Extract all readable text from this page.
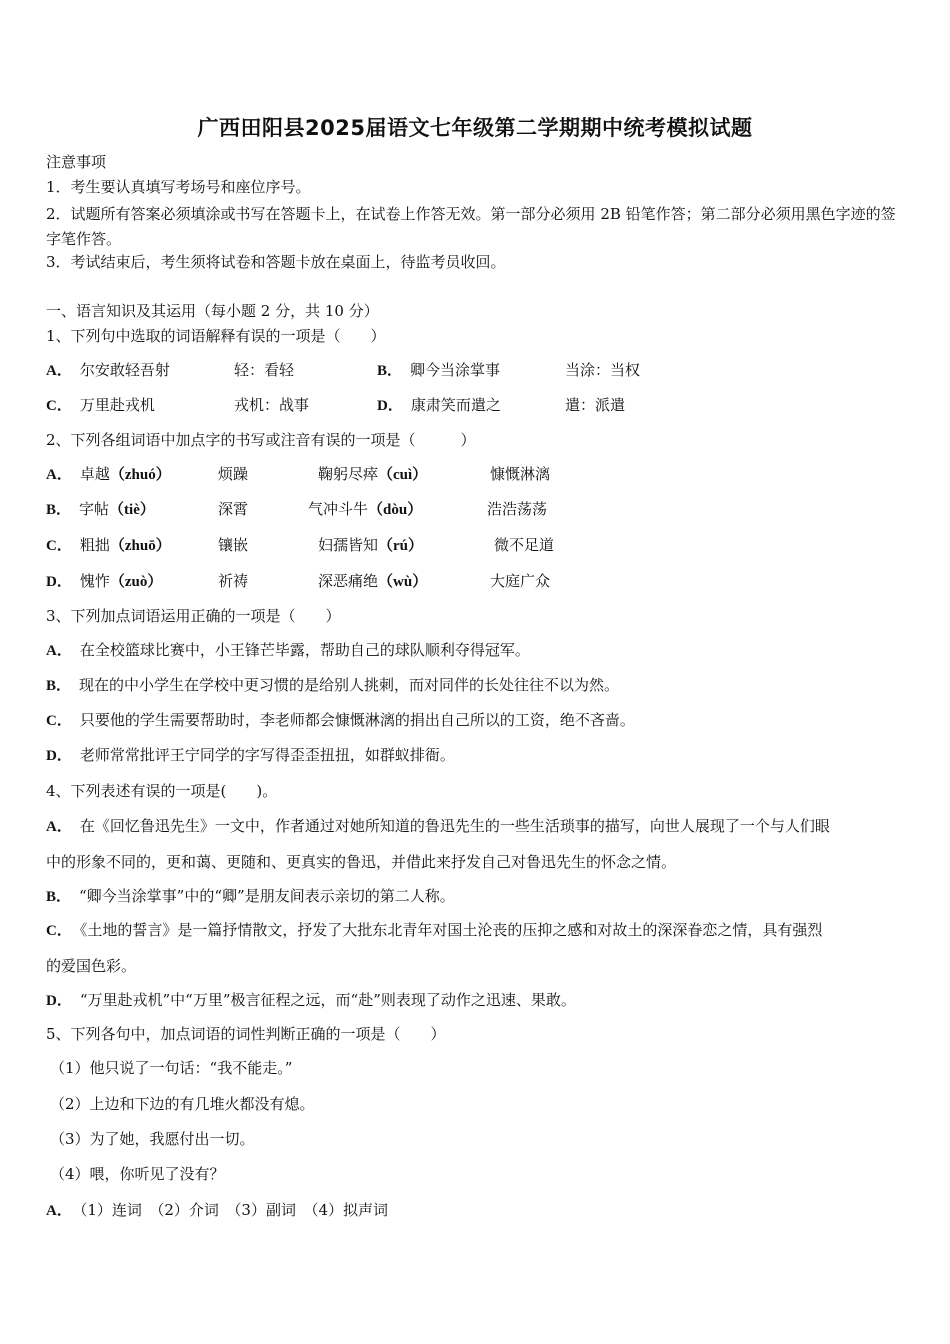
广西田阳县2025届语文七年级第二学期期中统考模拟试题
注意事项
1．考生要认真填写考场号和座位序号。
2．试题所有答案必须填涂或书写在答题卡上，在试卷上作答无效。第一部分必须用 2B 铅笔作答；第二部分必须用黑色字迹的签字笔作答。
3．考试结束后，考生须将试卷和答题卡放在桌面上，待监考员收回。
一、语言知识及其运用（每小题 2 分，共 10 分）
1、下列句中选取的词语解释有误的一项是（　　）
A． 尔安敢轻吾射	轻：看轻	B． 卿今当涂掌事	当涂：当权
C． 万里赴戎机	戎机：战事	D． 康肃笑而遣之	遣：派遣
2、下列各组词语中加点字的书写或注音有误的一项是（　　　）
A． 卓越（zhuó）	烦躁	鞠躬尽瘁（cuì）	慷慨淋漓
B． 字帖（tiè）	深霄	气冲斗牛（dòu）	浩浩荡荡
C． 粗拙（zhuō）	镶嵌	妇孺皆知（rú）	微不足道
D． 愧怍（zuò）	祈祷	深恶痛绝（wù）	大庭广众
3、下列加点词语运用正确的一项是（　　）
A． 在全校篮球比赛中，小王锋芒毕露，帮助自己的球队顺利夺得冠军。
B． 现在的中小学生在学校中更习惯的是给别人挑刺，而对同伴的长处往往不以为然。
C． 只要他的学生需要帮助时，李老师都会慷慨淋漓的捐出自己所以的工资，绝不吝啬。
D． 老师常常批评王宁同学的字写得歪歪扭扭，如群蚁排衙。
4、下列表述有误的一项是(　　)。
A． 在《回忆鲁迅先生》一文中，作者通过对她所知道的鲁迅先生的一些生活琐事的描写，向世人展现了一个与人们眼
中的形象不同的，更和蔼、更随和、更真实的鲁迅，并借此来抒发自己对鲁迅先生的怀念之情。
B． “卿今当涂掌事”中的“卿”是朋友间表示亲切的第二人称。
C． 《土地的誓言》是一篇抒情散文，抒发了大批东北青年对国土沦丧的压抑之感和对故土的深深眷恋之情，具有强烈
的爱国色彩。
D． “万里赴戎机”中“万里”极言征程之远，而“赴”则表现了动作之迅速、果敢。
5、下列各句中，加点词语的词性判断正确的一项是（　　）
（1）他只说了一句话：“我不能走。”
（2）上边和下边的有几堆火都没有熄。
（3）为了她，我愿付出一切。
（4）喂，你听见了没有？
A． （1）连词　（2）介词　（3）副词　（4）拟声词
